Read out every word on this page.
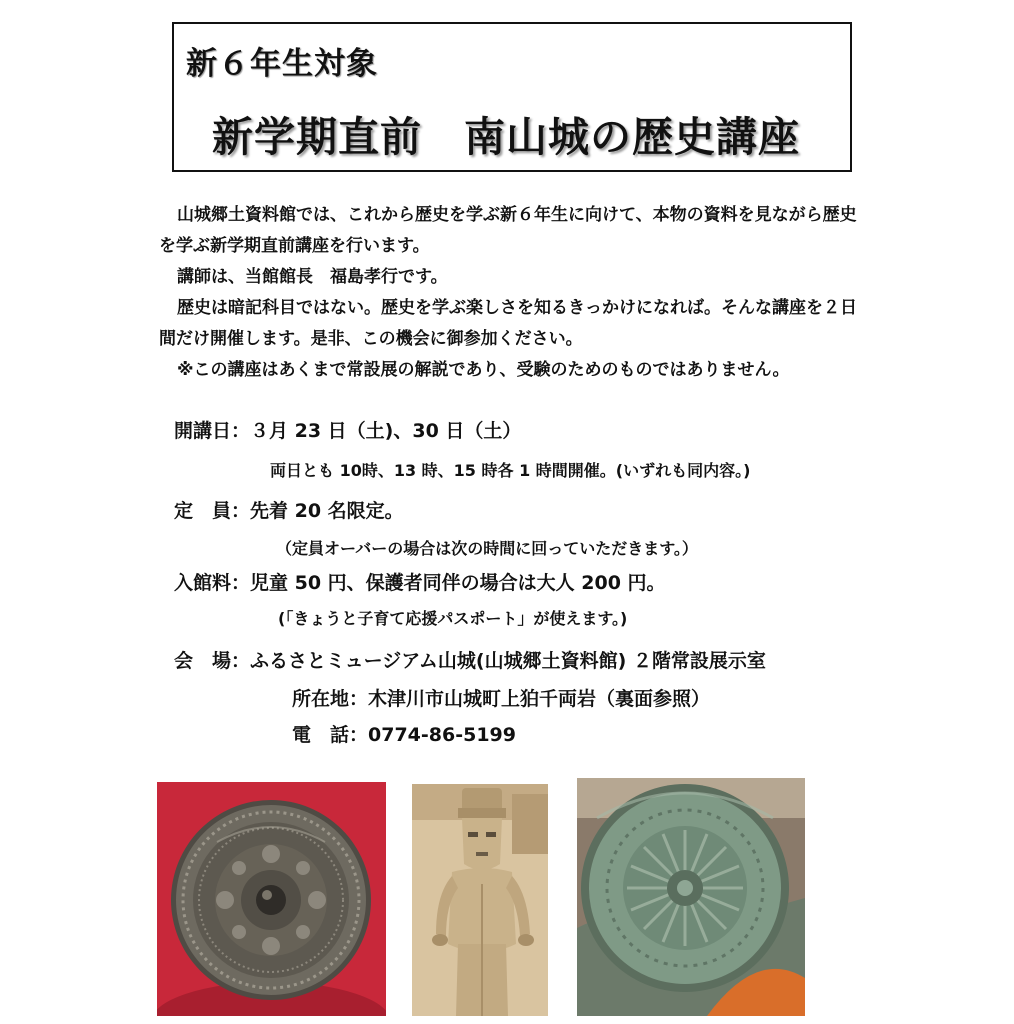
新６年生対象
新学期直前　南山城の歴史講座

山城郷土資料館では、これから歴史を学ぶ新６年生に向けて、本物の資料を見ながら歴史を学ぶ新学期直前講座を行います。

講師は、当館館長　福島孝行です。

歴史は暗記科目ではない。歴史を学ぶ楽しさを知るきっかけになれば。そんな講座を２日間だけ開催します。是非、この機会に御参加ください。

※この講座はあくまで常設展の解説であり、受験のためのものではありません。

開講日：３月 23 日（土)、30 日（土）
両日とも 10時、13 時、15 時各 1 時間開催。(いずれも同内容。)
定　員：先着 20 名限定。
（定員オーバーの場合は次の時間に回っていただきます。）
入館料：児童 50 円、保護者同伴の場合は大人 200 円。
(「きょうと子育て応援パスポート」が使えます。)
会　場：ふるさとミュージアム山城(山城郷土資料館) ２階常設展示室
所在地：木津川市山城町上狛千両岩（裏面参照）
電　話：0774-86-5199
